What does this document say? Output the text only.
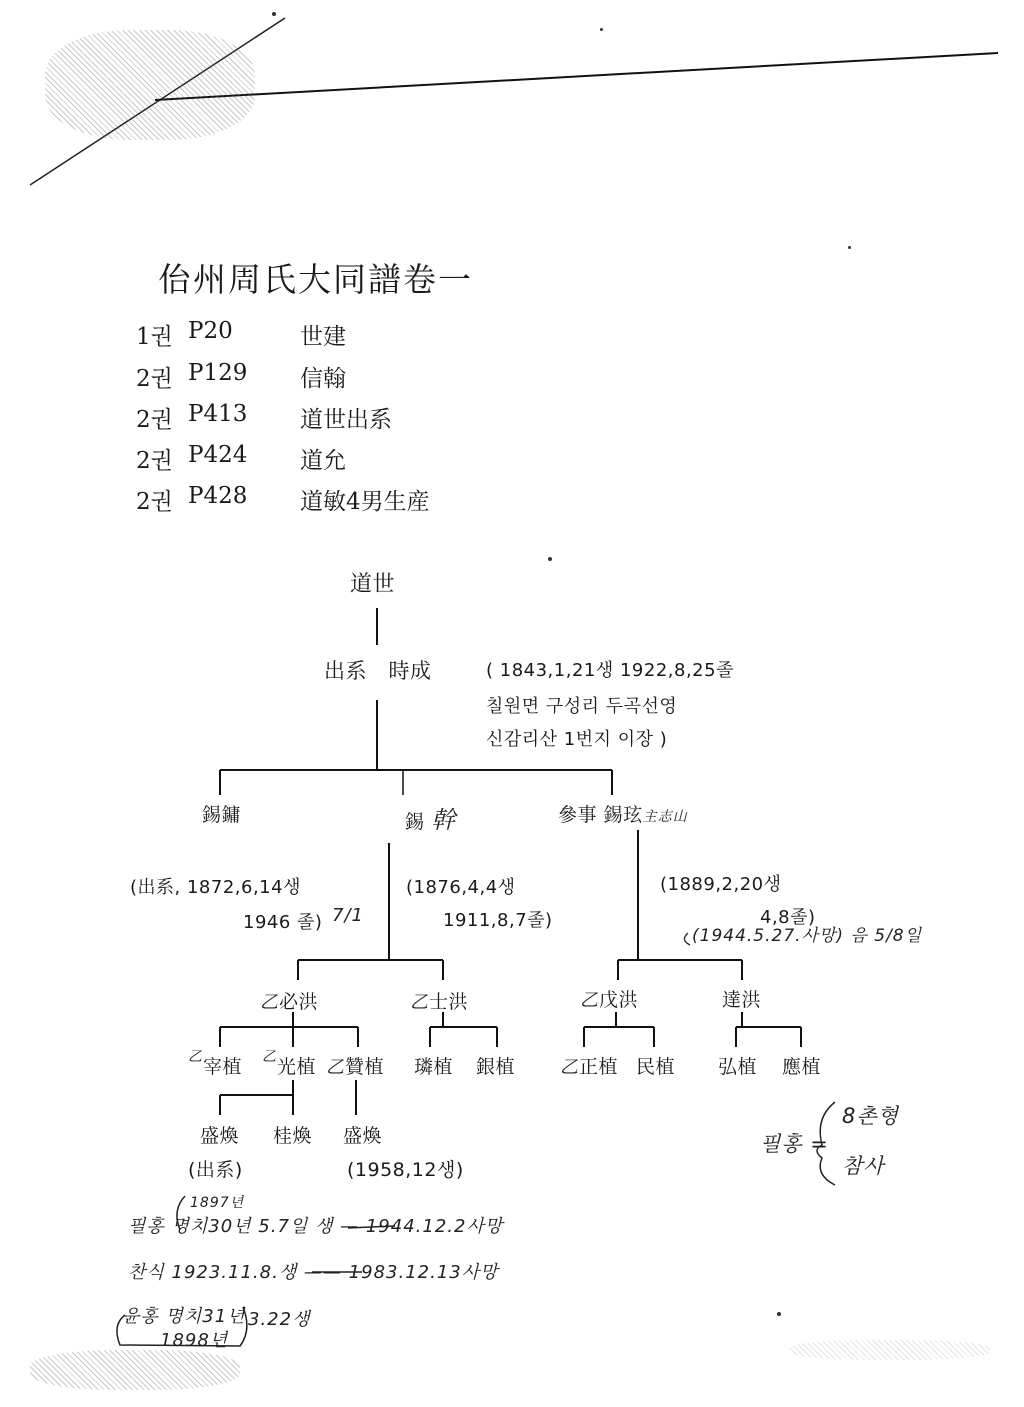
佁州周氏大同譜卷一
1권 P20	世建
2권 P129 信翰
2권 P413 道世出系
2권 P424 道允
2권 P428 道敏4男生産
道世
出系　時成	( 1843,1,21생 1922,8,25졸
칠원면 구성리 두곡선영
신감리산 1번지 이장 )
錫鏞	錫 幹	參事 錫玹主志山
(出系, 1872,6,14생
1946 졸) 7/1
(1876,4,4생
1911,8,7졸)
(1889,2,20생
4,8졸)
(1944.5.27.사망) 음 5/8일
乙必洪	乙士洪	乙戊洪	達洪
$^乙$宰植 $^乙$光植 乙贊植 璘植 銀植 乙正植 民植 弘植 應植
盛煥 桂煥 盛煥
(出系)	(1958,12생)
필홍 =
8촌형
참사
1897년
필홍 명치30년 5.7일 생 — 1944.12.2사망
찬식 1923.11.8.생 —— 1983.12.13사망
윤홍 명치31년 3.22생
1898년
